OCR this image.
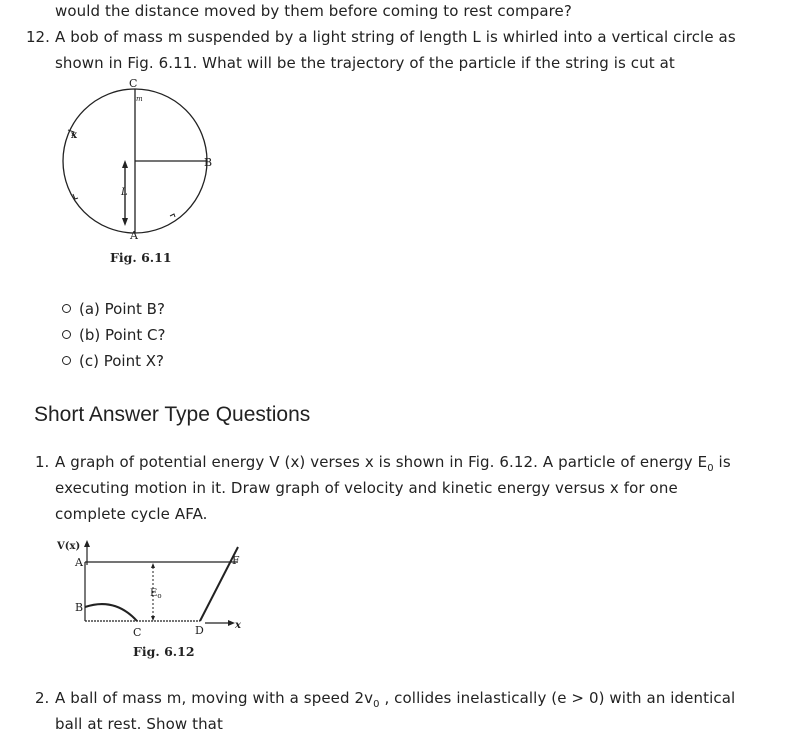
would the distance moved by them before coming to rest compare?
12. A bob of mass m suspended by a light string of length L is whirled into a vertical circle as
shown in Fig. 6.11. What will be the trajectory of the particle if the string is cut at
C
m
x
B
L
A
Fig. 6.11
(a) Point B?
(b) Point C?
(c) Point X?
Short Answer Type Questions
1. A graph of potential energy V (x) verses x is shown in Fig. 6.12. A particle of energy $E_0$ is
executing motion in it. Draw graph of velocity and kinetic energy versus x for one
complete cycle AFA.
V(x)
A
B
C	D
F
$E_o$
x
Fig. 6.12
2. A ball of mass m, moving with a speed $2v_0$ , collides inelastically (e > 0) with an identical
ball at rest. Show that
